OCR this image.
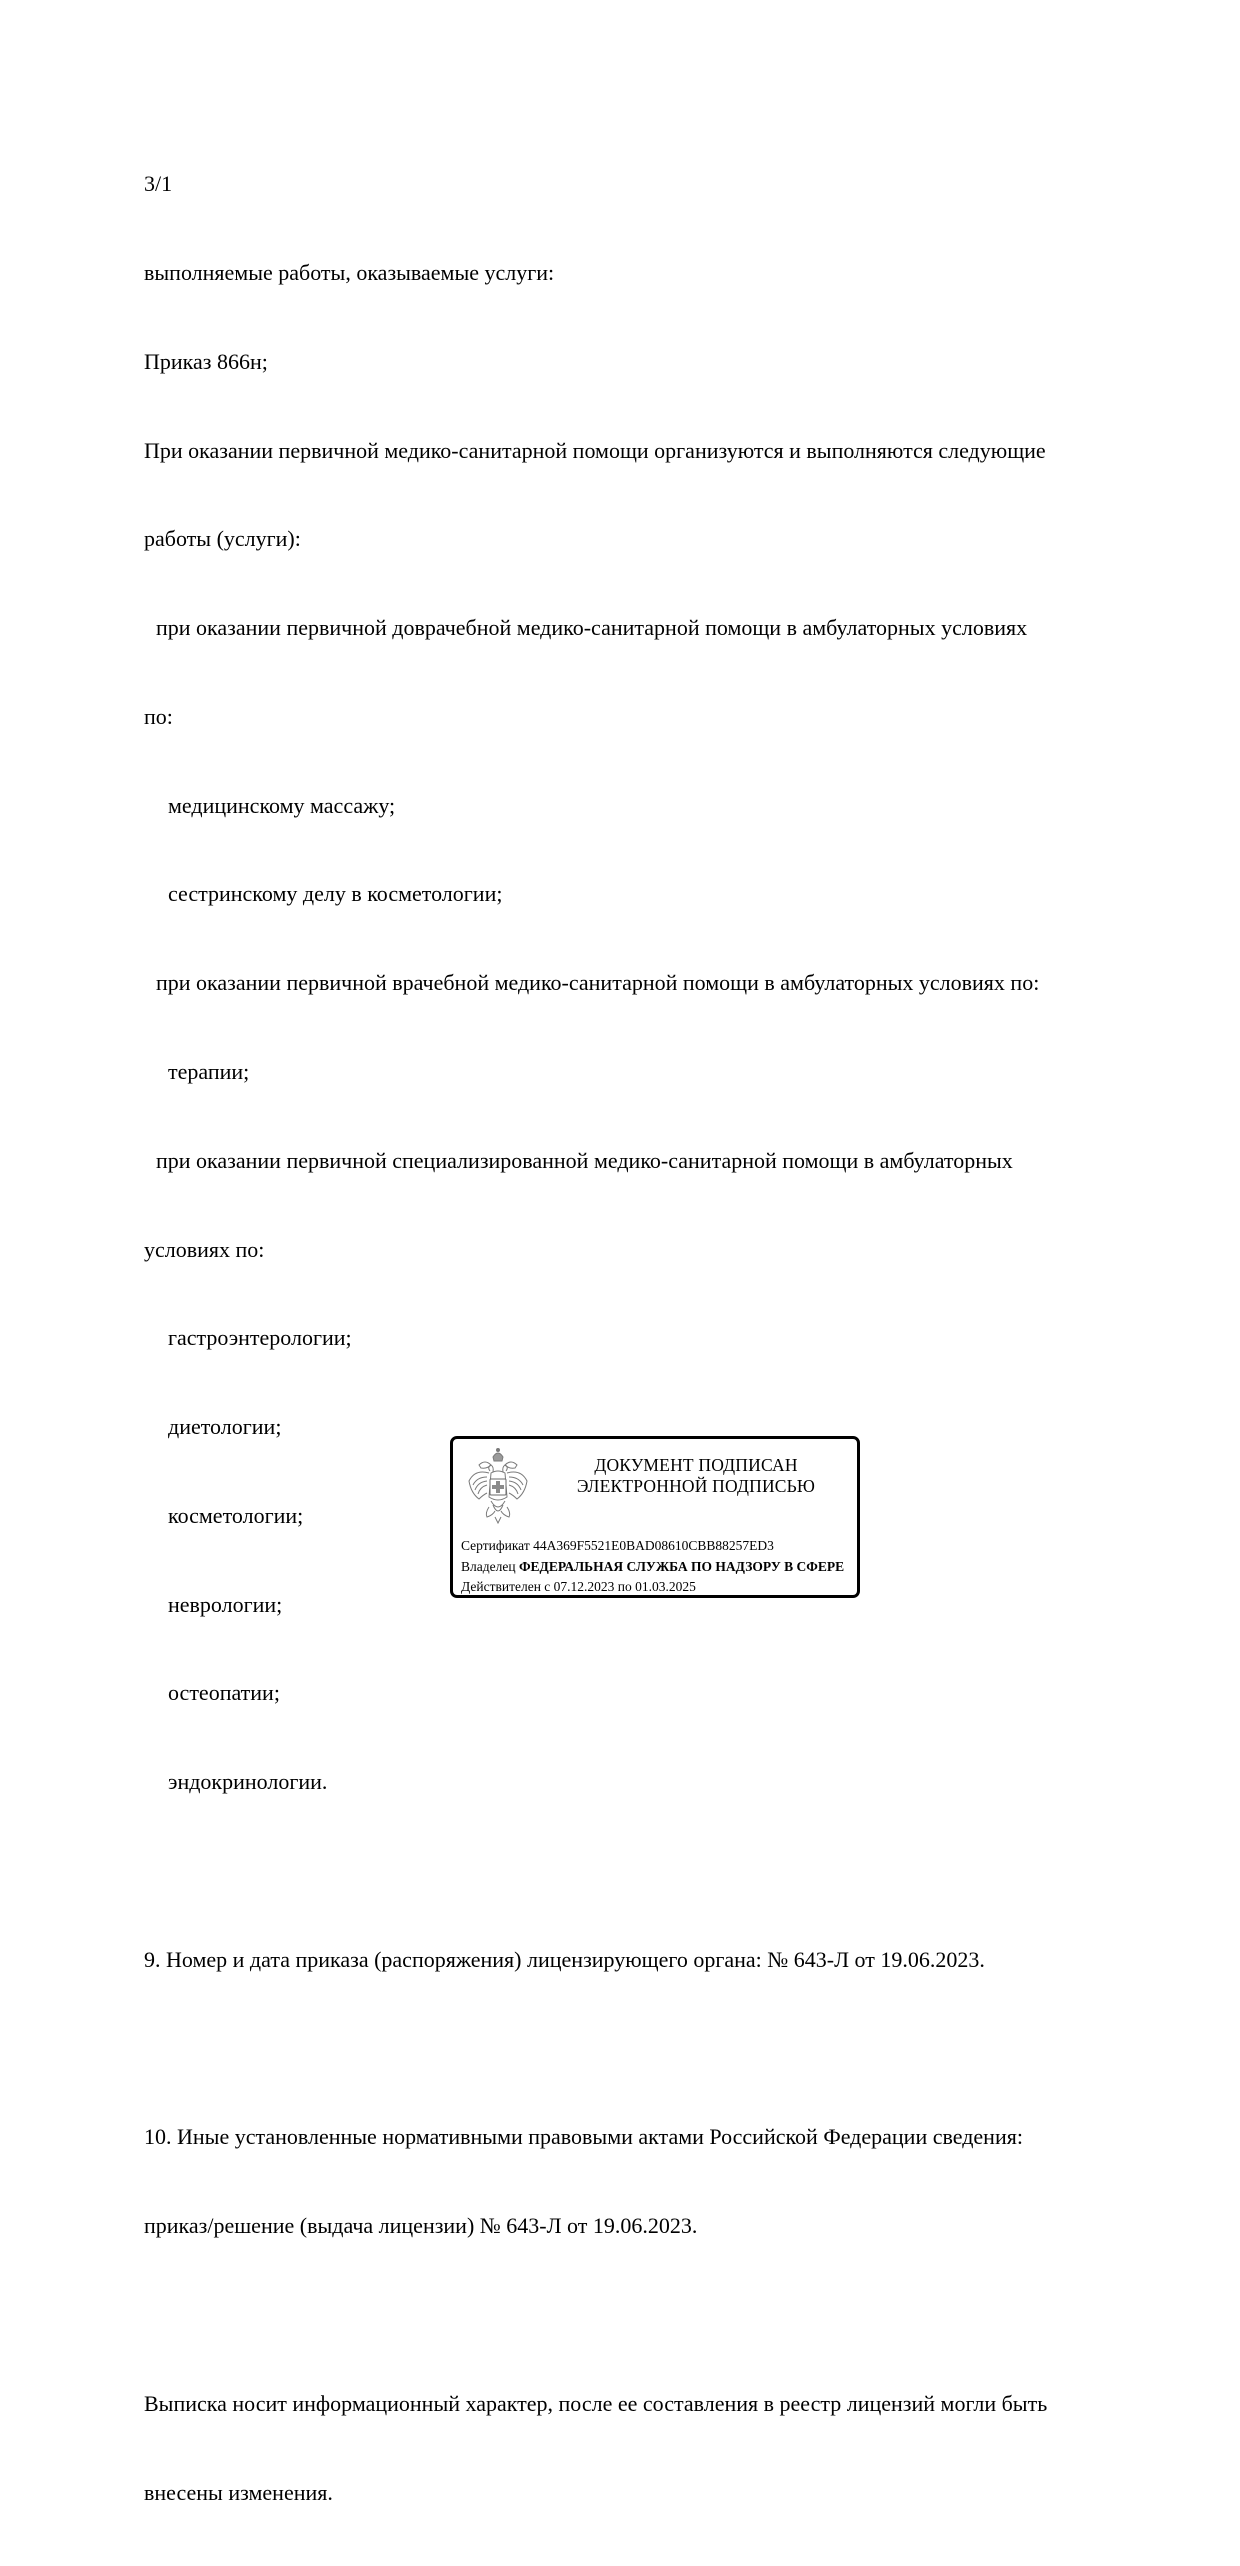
3/1

выполняемые работы, оказываемые услуги:

Приказ 866н;

При оказании первичной медико-санитарной помощи организуются и выполняются следующие

работы (услуги):

при оказании первичной доврачебной медико-санитарной помощи в амбулаторных условиях

по:

медицинскому массажу;

сестринскому делу в косметологии;

при оказании первичной врачебной медико-санитарной помощи в амбулаторных условиях по:

терапии;

при оказании первичной специализированной медико-санитарной помощи в амбулаторных

условиях по:

гастроэнтерологии;

диетологии;

косметологии;

неврологии;

остеопатии;

эндокринологии.

9. Номер и дата приказа (распоряжения) лицензирующего органа: № 643-Л от 19.06.2023.

10. Иные установленные нормативными правовыми актами Российской Федерации сведения:

приказ/решение (выдача лицензии) № 643-Л от 19.06.2023.

Выписка носит информационный характер, после ее составления в реестр лицензий могли быть

внесены изменения.

ДОКУМЕНТ ПОДПИСАН
ЭЛЕКТРОННОЙ ПОДПИСЬЮ
Сертификат 44A369F5521E0BAD08610CBB88257ED3
Владелец ФЕДЕРАЛЬНАЯ СЛУЖБА ПО НАДЗОРУ В СФЕРЕ
Действителен с 07.12.2023 по 01.03.2025
